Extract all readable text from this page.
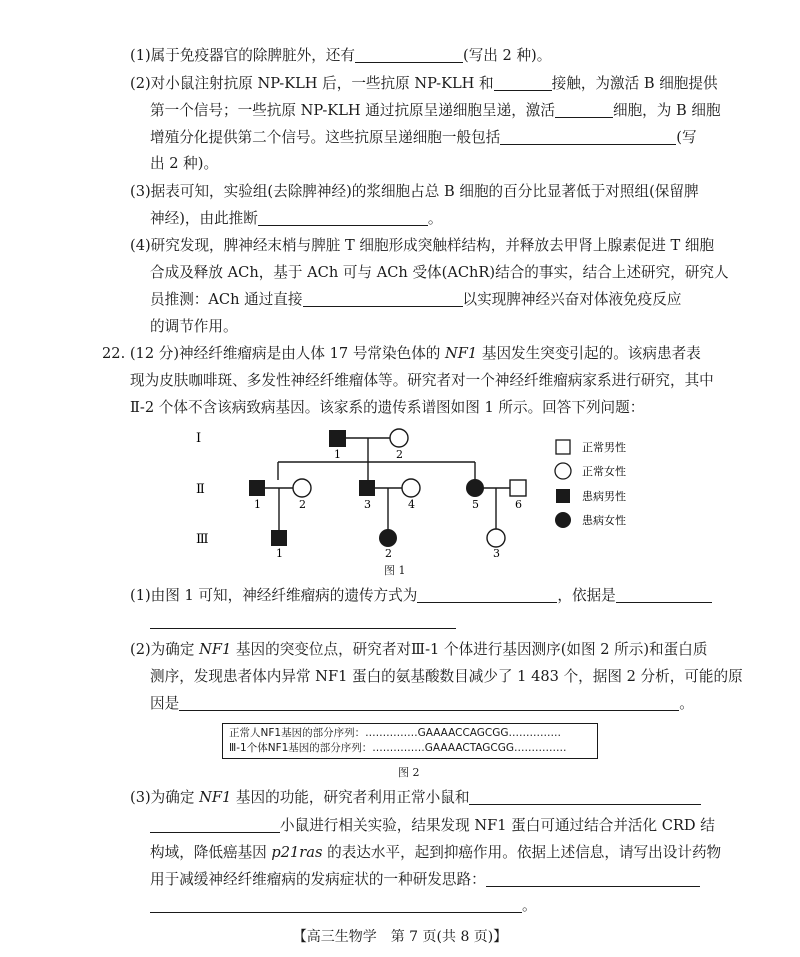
(1)属于免疫器官的除脾脏外，还有	(写出 2 种)。
(2)对小鼠注射抗原 NP-KLH 后，一些抗原 NP-KLH 和	接触，为激活 B 细胞提供
第一个信号；一些抗原 NP-KLH 通过抗原呈递细胞呈递，激活	细胞，为 B 细胞
增殖分化提供第二个信号。这些抗原呈递细胞一般包括	(写
出 2 种)。
(3)据表可知，实验组(去除脾神经)的浆细胞占总 B 细胞的百分比显著低于对照组(保留脾
神经)，由此推断	。
(4)研究发现，脾神经末梢与脾脏 T 细胞形成突触样结构，并释放去甲肾上腺素促进 T 细胞
合成及释放 ACh，基于 ACh 可与 ACh 受体(AChR)结合的事实，结合上述研究，研究人
员推测：ACh 通过直接	以实现脾神经兴奋对体液免疫反应
的调节作用。
22. (12 分)神经纤维瘤病是由人体 17 号常染色体的 NF1 基因发生突变引起的。该病患者表
现为皮肤咖啡斑、多发性神经纤维瘤体等。研究者对一个神经纤维瘤病家系进行研究，其中
Ⅱ-2 个体不含该病致病基因。该家系的遗传系谱图如图 1 所示。回答下列问题：
Ⅰ
Ⅱ
Ⅲ
1	2
1	2	3	4	5	6
1	2	3
正常男性
正常女性
患病男性
患病女性
图 1
(1)由图 1 可知，神经纤维瘤病的遗传方式为	，依据是
(2)为确定 NF1 基因的突变位点，研究者对Ⅲ-1 个体进行基因测序(如图 2 所示)和蛋白质
测序，发现患者体内异常 NF1 蛋白的氨基酸数目减少了 1 483 个，据图 2 分析，可能的原
因是	。
正常人NF1基因的部分序列：……………GAAAACCAGCGG……………
Ⅲ-1个体NF1基因的部分序列：……………GAAAACTAGCGG……………
图 2
(3)为确定 NF1 基因的功能，研究者利用正常小鼠和
小鼠进行相关实验，结果发现 NF1 蛋白可通过结合并活化 CRD 结
构域，降低癌基因 p21ras 的表达水平，起到抑癌作用。依据上述信息，请写出设计药物
用于减缓神经纤维瘤病的发病症状的一种研发思路：
。
【高三生物学　第 7 页(共 8 页)】
